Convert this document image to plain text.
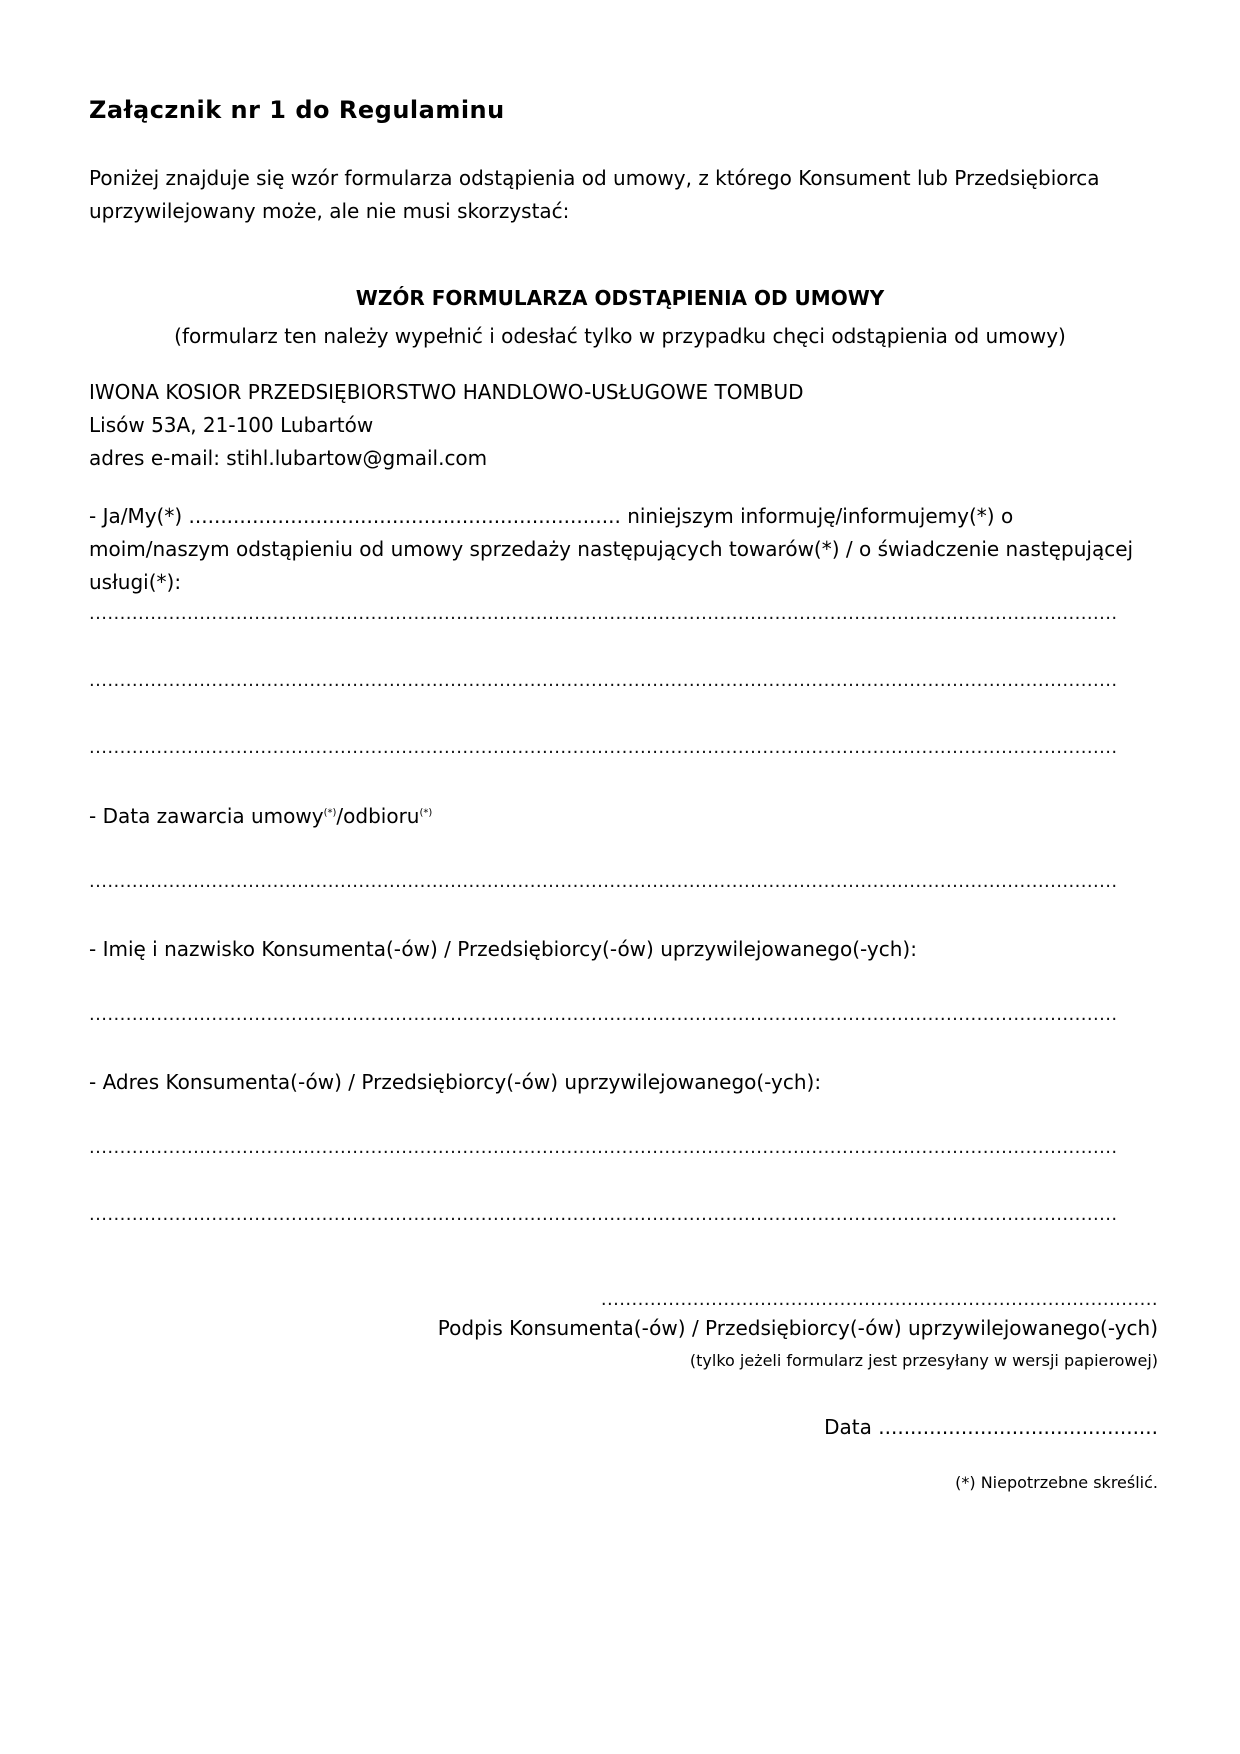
Załącznik nr 1 do Regulaminu
Poniżej znajduje się wzór formularza odstąpienia od umowy, z którego Konsument lub Przedsiębiorca uprzywilejowany może, ale nie musi skorzystać:
WZÓR FORMULARZA ODSTĄPIENIA OD UMOWY
(formularz ten należy wypełnić i odesłać tylko w przypadku chęci odstąpienia od umowy)
IWONA KOSIOR PRZEDSIĘBIORSTWO HANDLOWO-USŁUGOWE TOMBUD
Lisów 53A, 21-100 Lubartów
adres e-mail: stihl.lubartow@gmail.com
- Ja/My(*) .................................................................... niniejszym informuję/informujemy(*) o moim/naszym odstąpieniu od umowy sprzedaży następujących towarów(*) / o świadczenie następującej usługi(*):
........................................................................................................................................................................
........................................................................................................................................................................
........................................................................................................................................................................
- Data zawarcia umowy(*)/odbioru(*)
........................................................................................................................................................................
- Imię i nazwisko Konsumenta(-ów) / Przedsiębiorcy(-ów) uprzywilejowanego(-ych):
........................................................................................................................................................................
- Adres Konsumenta(-ów) / Przedsiębiorcy(-ów) uprzywilejowanego(-ych):
........................................................................................................................................................................
........................................................................................................................................................................
...........................................................................................
Podpis Konsumenta(-ów) / Przedsiębiorcy(-ów) uprzywilejowanego(-ych)
(tylko jeżeli formularz jest przesyłany w wersji papierowej)
Data ............................................
(*) Niepotrzebne skreślić.
